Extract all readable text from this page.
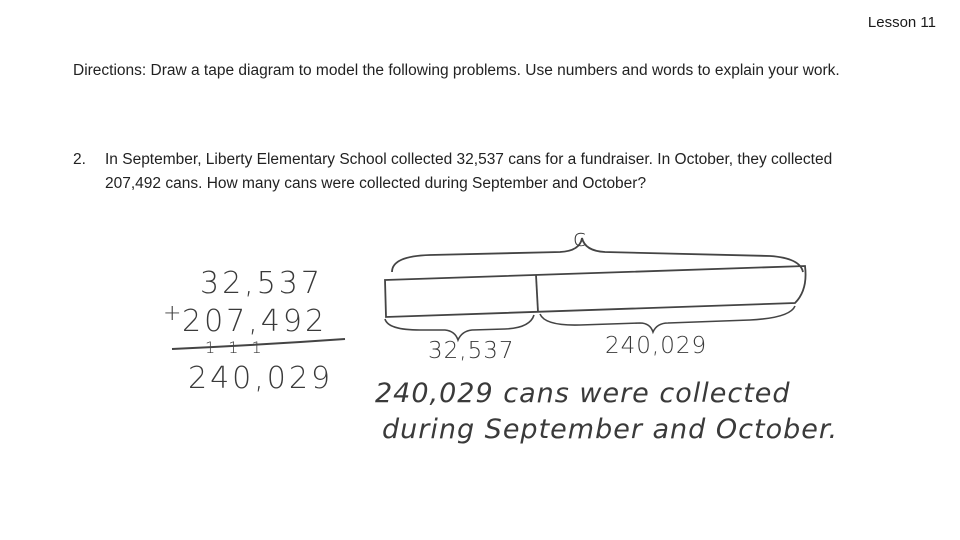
Lesson 11
Directions: Draw a tape diagram to model the following problems. Use numbers and words to explain your work.
2.	In September, Liberty Elementary School collected 32,537 cans for a fundraiser. In October, they collected 207,492 cans. How many cans were collected during September and October?
32,537
+ 207,492
1 1 1
240,029
c
32,537	240,029
240,029 cans were collected
during September and October.
